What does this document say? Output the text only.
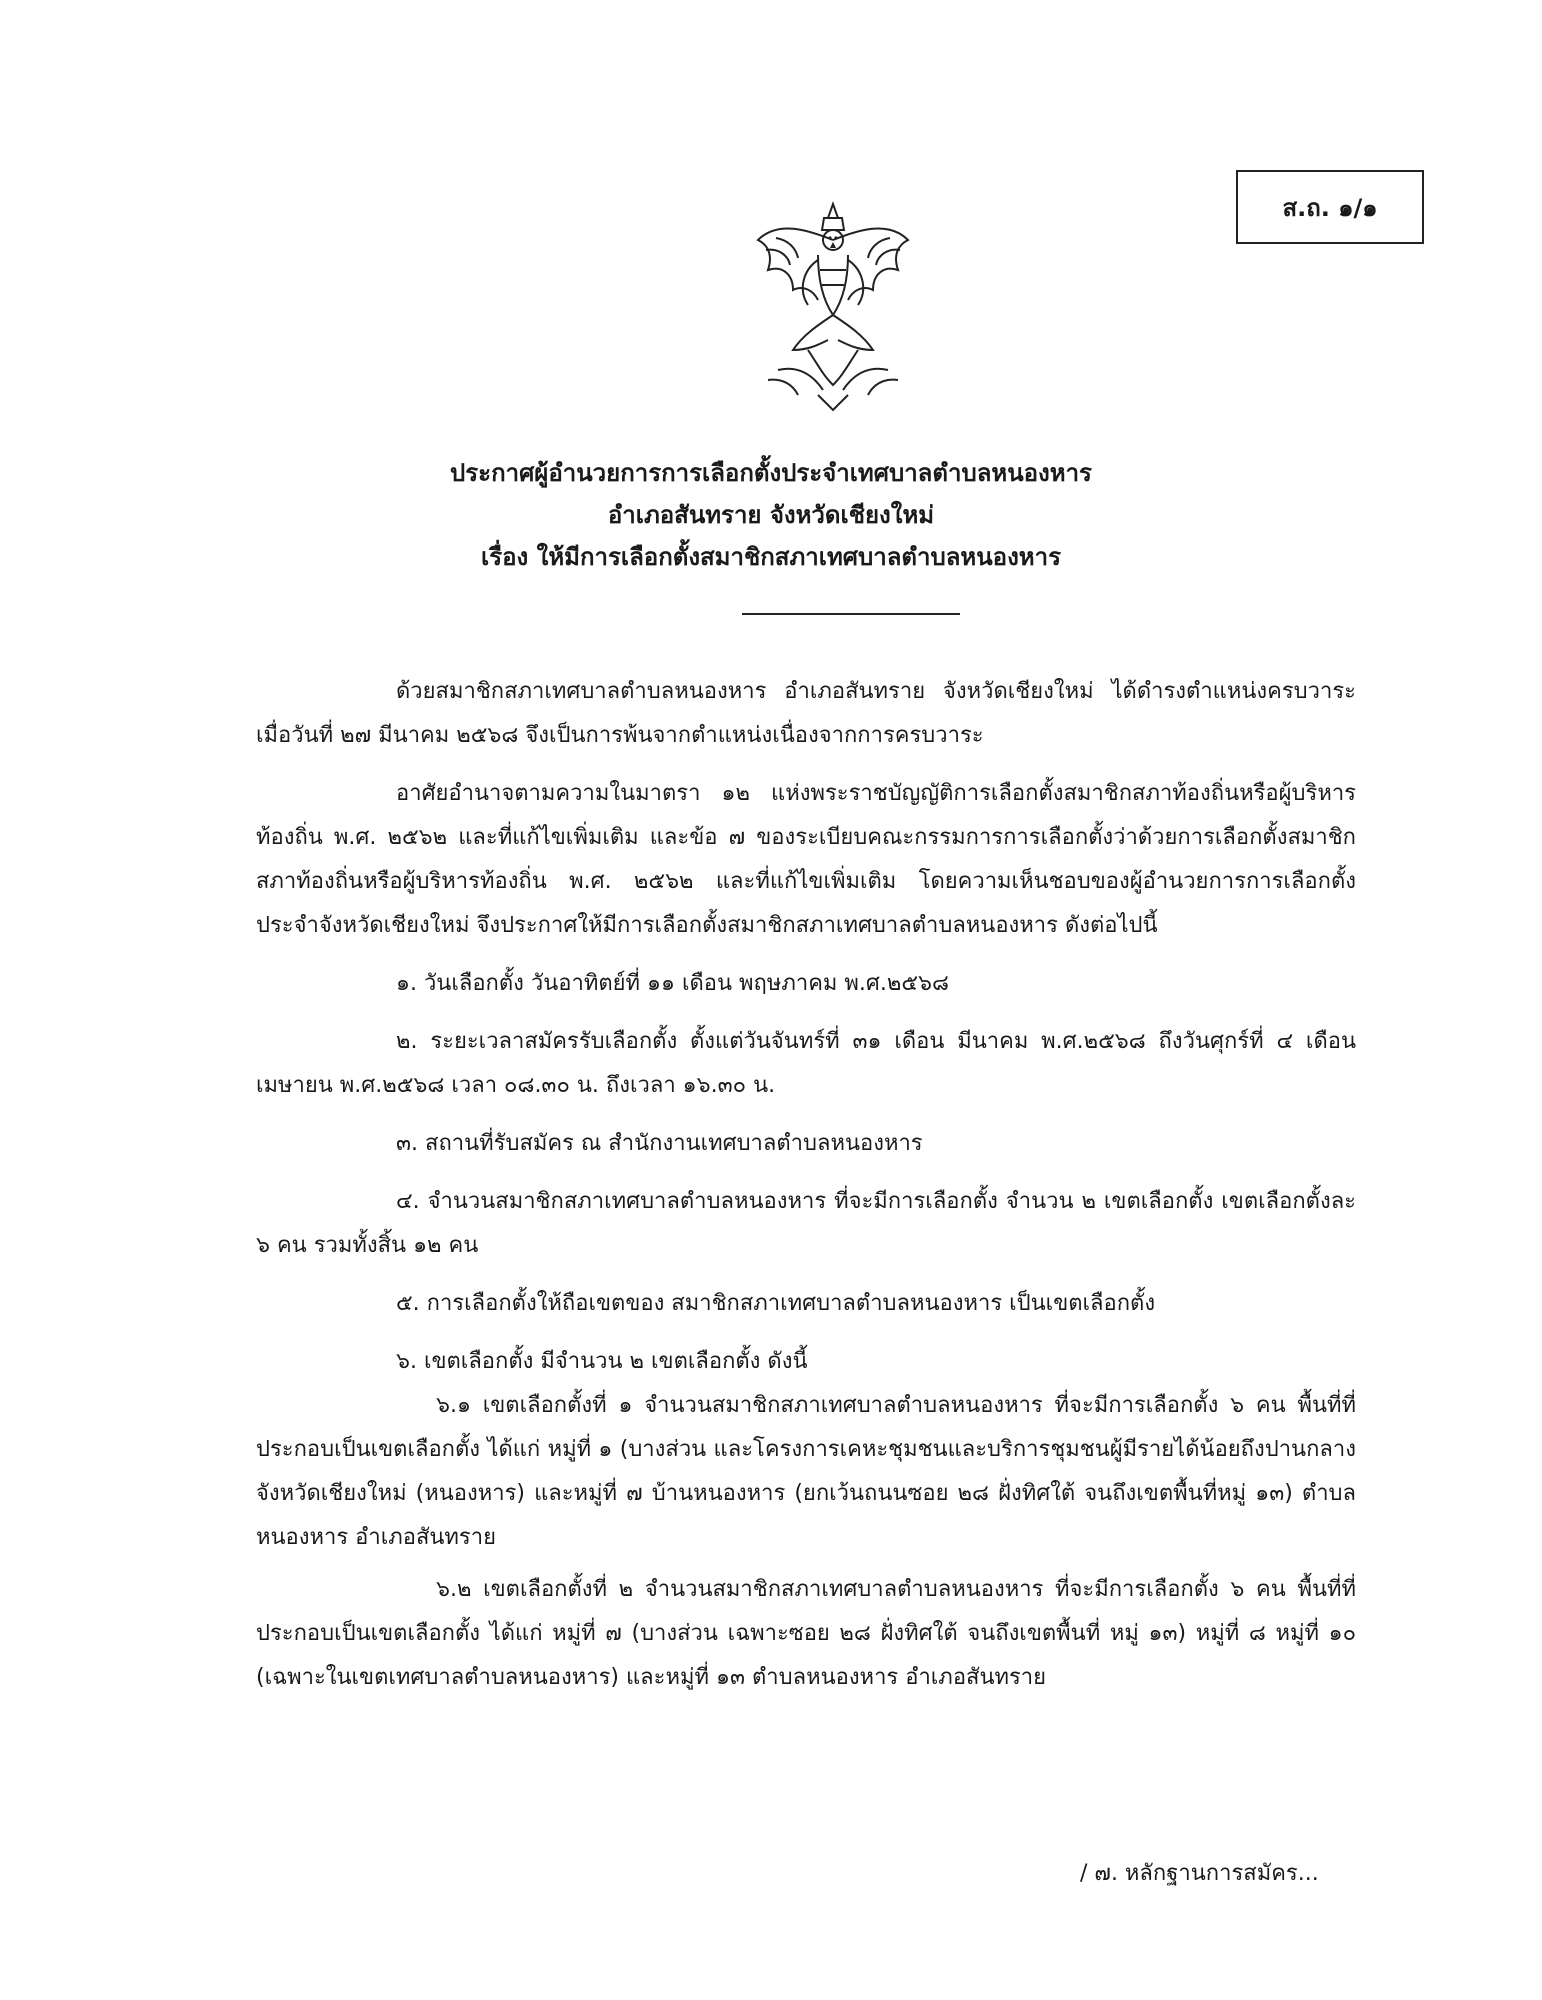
ส.ถ. ๑/๑
ประกาศผู้อำนวยการการเลือกตั้งประจำเทศบาลตำบลหนองหาร
อำเภอสันทราย จังหวัดเชียงใหม่
เรื่อง ให้มีการเลือกตั้งสมาชิกสภาเทศบาลตำบลหนองหาร

ด้วยสมาชิกสภาเทศบาลตำบลหนองหาร อำเภอสันทราย จังหวัดเชียงใหม่ ได้ดำรงตำแหน่งครบวาระ เมื่อวันที่ ๒๗ มีนาคม ๒๕๖๘ จึงเป็นการพ้นจากตำแหน่งเนื่องจากการครบวาระ

อาศัยอำนาจตามความในมาตรา ๑๒ แห่งพระราชบัญญัติการเลือกตั้งสมาชิกสภาท้องถิ่นหรือผู้บริหารท้องถิ่น พ.ศ. ๒๕๖๒ และที่แก้ไขเพิ่มเติม และข้อ ๗ ของระเบียบคณะกรรมการการเลือกตั้งว่าด้วยการเลือกตั้งสมาชิกสภาท้องถิ่นหรือผู้บริหารท้องถิ่น พ.ศ. ๒๕๖๒ และที่แก้ไขเพิ่มเติม โดยความเห็นชอบของผู้อำนวยการการเลือกตั้งประจำจังหวัดเชียงใหม่ จึงประกาศให้มีการเลือกตั้งสมาชิกสภาเทศบาลตำบลหนองหาร ดังต่อไปนี้

๑. วันเลือกตั้ง วันอาทิตย์ที่ ๑๑ เดือน พฤษภาคม พ.ศ.๒๕๖๘

๒. ระยะเวลาสมัครรับเลือกตั้ง ตั้งแต่วันจันทร์ที่ ๓๑ เดือน มีนาคม พ.ศ.๒๕๖๘ ถึงวันศุกร์ที่ ๔ เดือน เมษายน พ.ศ.๒๕๖๘ เวลา ๐๘.๓๐ น. ถึงเวลา ๑๖.๓๐ น.

๓. สถานที่รับสมัคร ณ สำนักงานเทศบาลตำบลหนองหาร

๔. จำนวนสมาชิกสภาเทศบาลตำบลหนองหาร ที่จะมีการเลือกตั้ง จำนวน ๒ เขตเลือกตั้ง เขตเลือกตั้งละ ๖ คน รวมทั้งสิ้น ๑๒ คน

๕. การเลือกตั้งให้ถือเขตของ สมาชิกสภาเทศบาลตำบลหนองหาร เป็นเขตเลือกตั้ง

๖. เขตเลือกตั้ง มีจำนวน ๒ เขตเลือกตั้ง ดังนี้

๖.๑ เขตเลือกตั้งที่ ๑ จำนวนสมาชิกสภาเทศบาลตำบลหนองหาร ที่จะมีการเลือกตั้ง ๖ คน พื้นที่ที่ประกอบเป็นเขตเลือกตั้ง ได้แก่ หมู่ที่ ๑ (บางส่วน และโครงการเคหะชุมชนและบริการชุมชนผู้มีรายได้น้อยถึงปานกลางจังหวัดเชียงใหม่ (หนองหาร) และหมู่ที่ ๗ บ้านหนองหาร (ยกเว้นถนนซอย ๒๘ ฝั่งทิศใต้ จนถึงเขตพื้นที่หมู่ ๑๓) ตำบลหนองหาร อำเภอสันทราย

๖.๒ เขตเลือกตั้งที่ ๒ จำนวนสมาชิกสภาเทศบาลตำบลหนองหาร ที่จะมีการเลือกตั้ง ๖ คน พื้นที่ที่ประกอบเป็นเขตเลือกตั้ง ได้แก่ หมู่ที่ ๗ (บางส่วน เฉพาะซอย ๒๘ ฝั่งทิศใต้ จนถึงเขตพื้นที่ หมู่ ๑๓) หมู่ที่ ๘ หมู่ที่ ๑๐ (เฉพาะในเขตเทศบาลตำบลหนองหาร) และหมู่ที่ ๑๓ ตำบลหนองหาร อำเภอสันทราย

/ ๗. หลักฐานการสมัคร...
